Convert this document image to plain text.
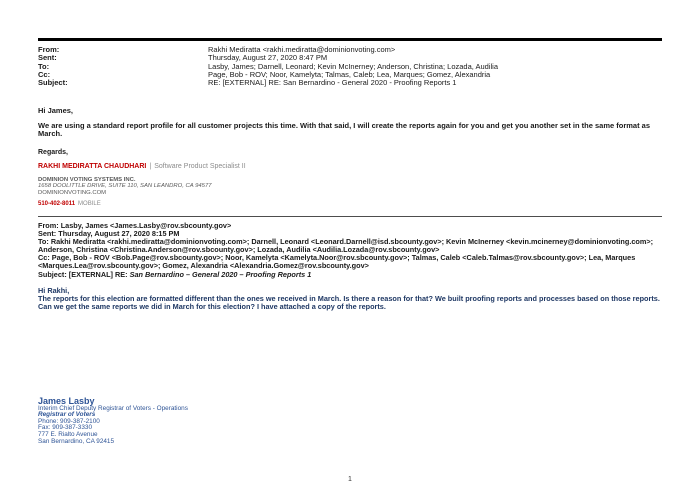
From:	Rakhi Mediratta <rakhi.mediratta@dominionvoting.com>
Sent:	Thursday, August 27, 2020 8:47 PM
To:	Lasby, James; Darnell, Leonard; Kevin McInerney; Anderson, Christina; Lozada, Audilia
Cc:	Page, Bob - ROV; Noor, Kamelyta; Talmas, Caleb; Lea, Marques; Gomez, Alexandria
Subject:	RE: [EXTERNAL] RE: San Bernardino - General 2020 - Proofing Reports 1
Hi James,
We are using a standard report profile for all customer projects this time. With that said, I will create the reports again for you and get you another set in the same format as March.
Regards,
RAKHI MEDIRATTA CHAUDHARI | Software Product Specialist II
DOMINION VOTING SYSTEMS INC.
1658 DOOLITTLE DRIVE, SUITE 110, SAN LEANDRO, CA 94577
DOMINIONVOTING.COM
510-402-8011 MOBILE
From: Lasby, James <James.Lasby@rov.sbcounty.gov>
Sent: Thursday, August 27, 2020 8:15 PM
To: Rakhi Mediratta <rakhi.mediratta@dominionvoting.com>; Darnell, Leonard <Leonard.Darnell@isd.sbcounty.gov>; Kevin McInerney <kevin.mcinerney@dominionvoting.com>; Anderson, Christina <Christina.Anderson@rov.sbcounty.gov>; Lozada, Audilia <Audilia.Lozada@rov.sbcounty.gov>
Cc: Page, Bob - ROV <Bob.Page@rov.sbcounty.gov>; Noor, Kamelyta <Kamelyta.Noor@rov.sbcounty.gov>; Talmas, Caleb <Caleb.Talmas@rov.sbcounty.gov>; Lea, Marques <Marques.Lea@rov.sbcounty.gov>; Gomez, Alexandria <Alexandria.Gomez@rov.sbcounty.gov>
Subject: [EXTERNAL] RE: San Bernardino – General 2020 – Proofing Reports 1
Hi Rakhi,
The reports for this election are formatted different than the ones we received in March. Is there a reason for that? We built proofing reports and processes based on those reports. Can we get the same reports we did in March for this election? I have attached a copy of the reports.
James Lasby
Interim Chief Deputy Registrar of Voters - Operations
Registrar of Voters
Phone: 909-387-2100
Fax: 909-387-3330
777 E. Rialto Avenue
San Bernardino, CA 92415
1
